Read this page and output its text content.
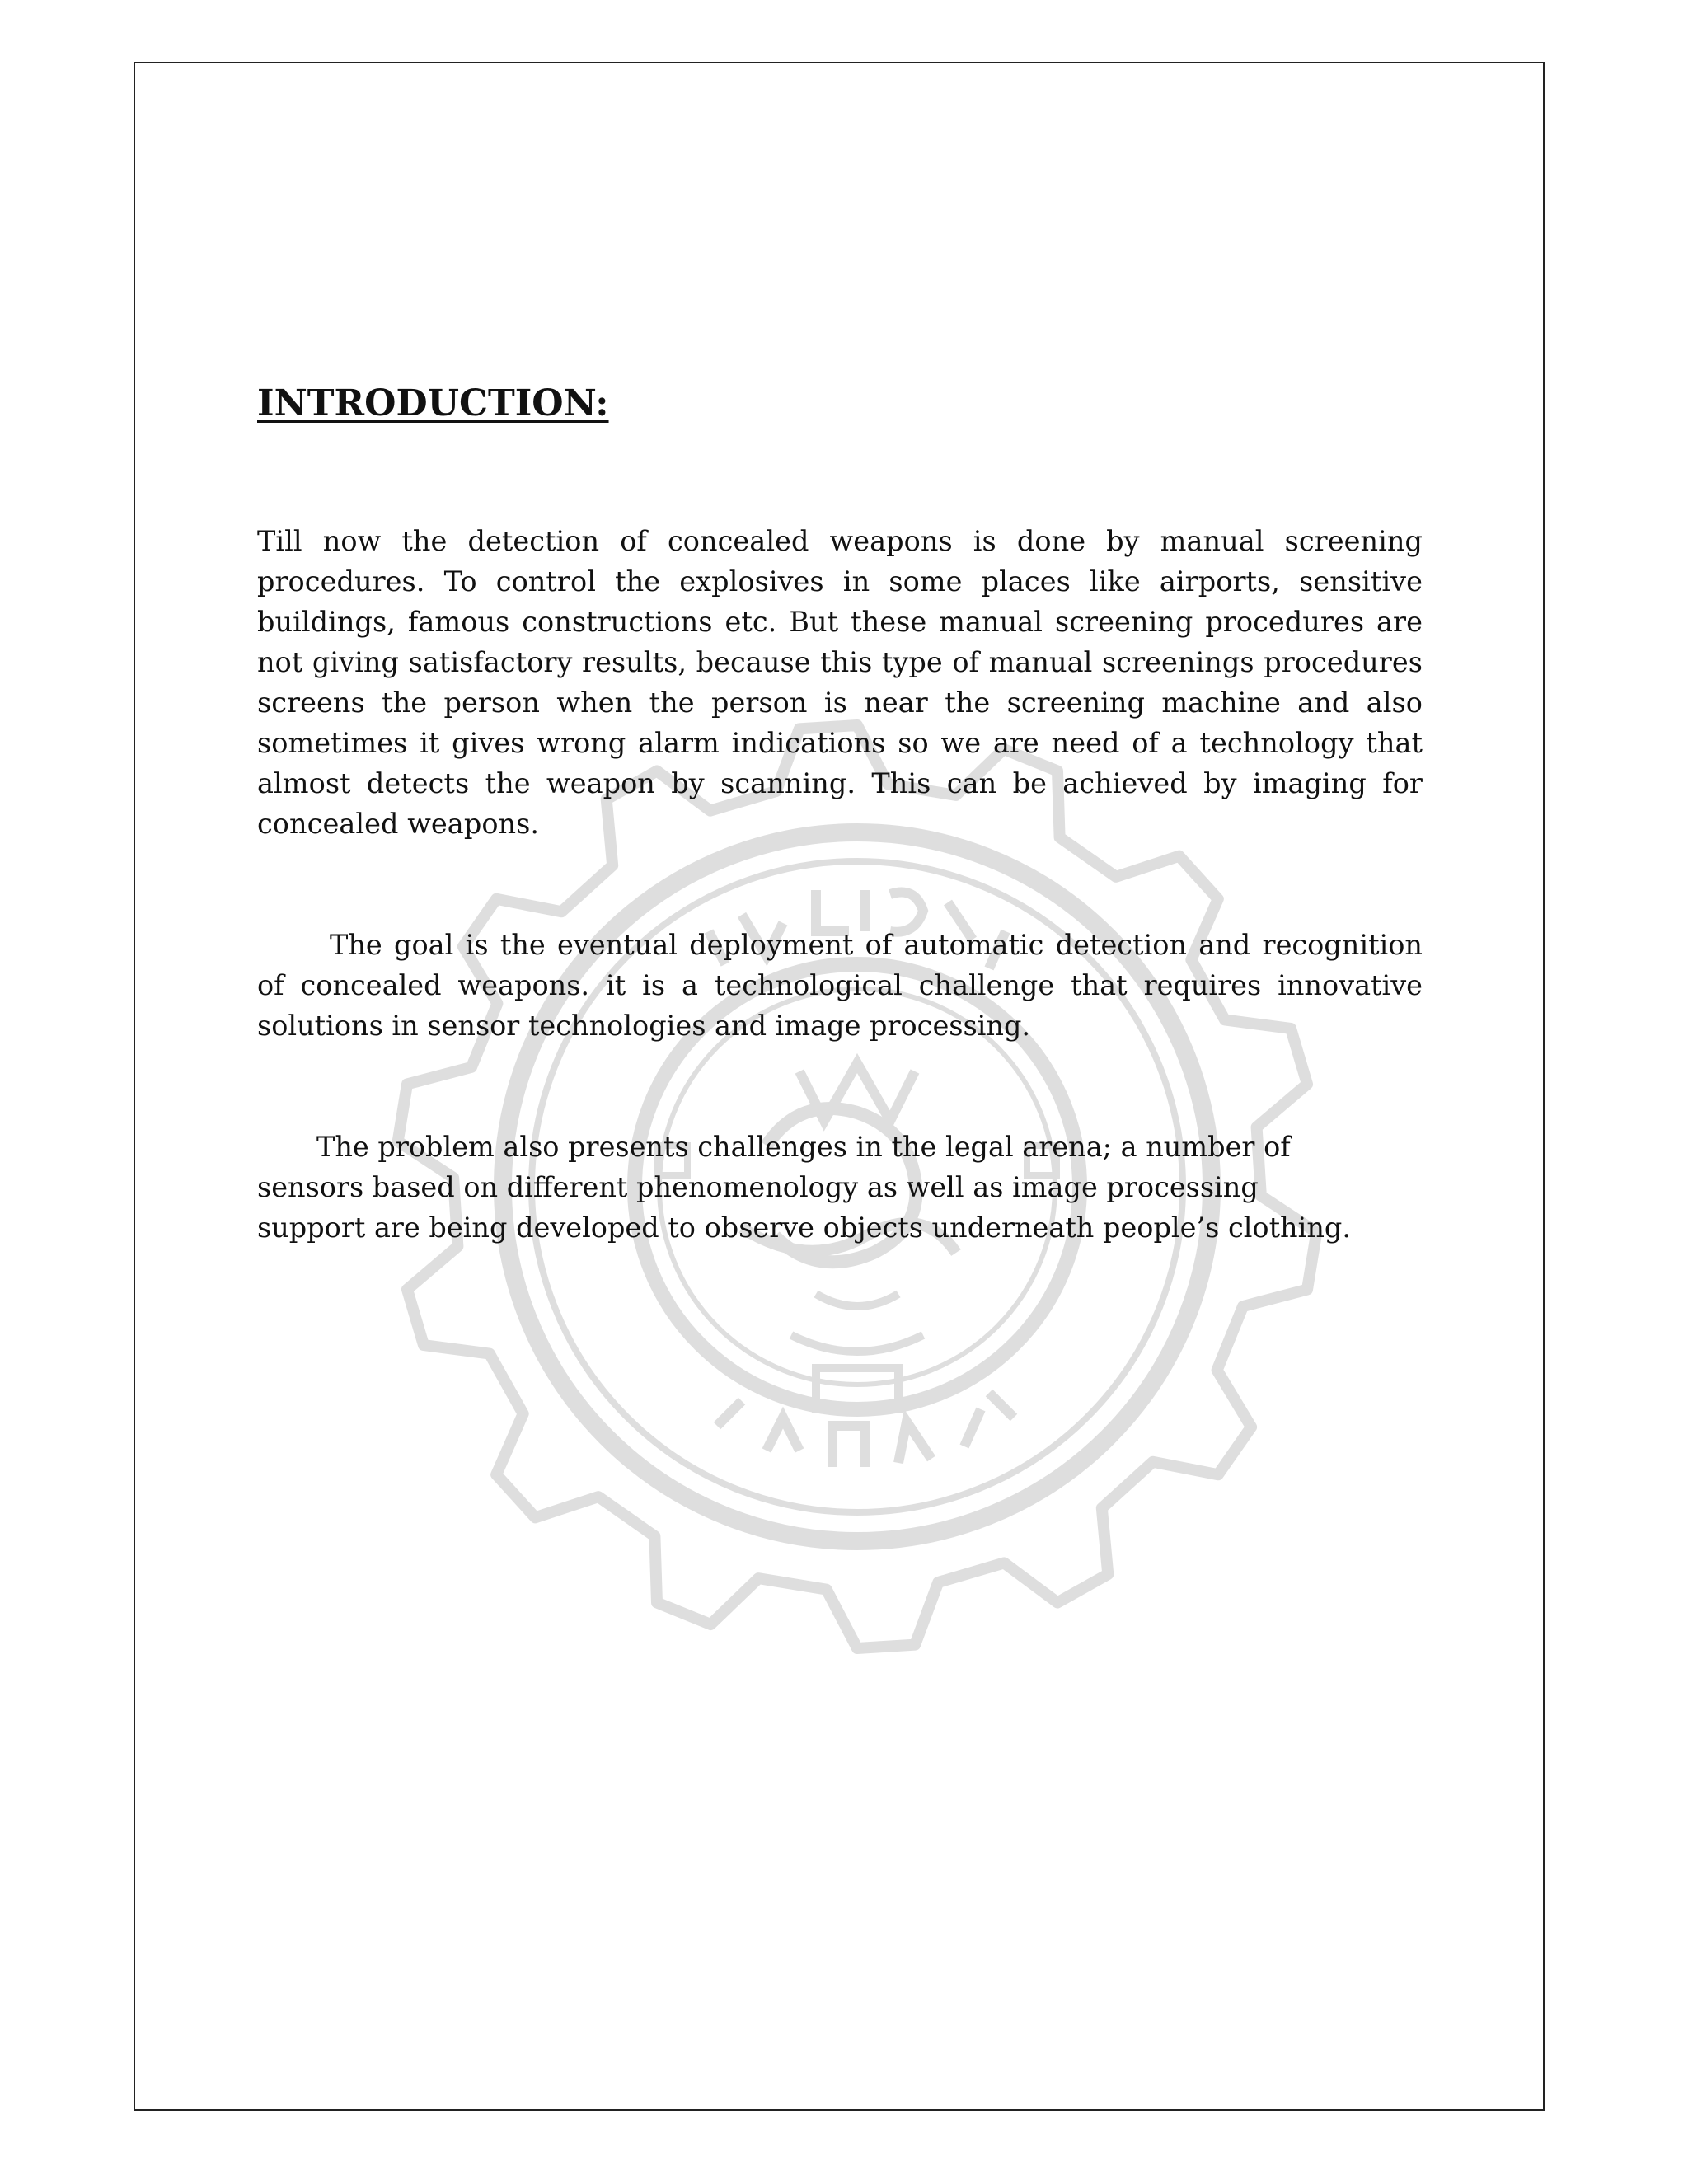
INTRODUCTION:

Till now the detection of concealed weapons is done by manual screening procedures. To control the explosives in some places like airports, sensitive buildings, famous constructions etc. But these manual screening procedures are not giving satisfactory results, because this type of manual screenings procedures screens the person when the person is near the screening machine and also sometimes it gives wrong alarm indications so we are need of a technology that almost detects the weapon by scanning. This can be achieved by imaging for concealed weapons.

The goal is the eventual deployment of automatic detection and recognition of concealed weapons. it is a technological challenge that requires innovative solutions in sensor technologies and image processing.

The problem also presents challenges in the legal arena; a number of sensors based on different phenomenology as well as image processing support are being developed to observe objects underneath people’s clothing.
